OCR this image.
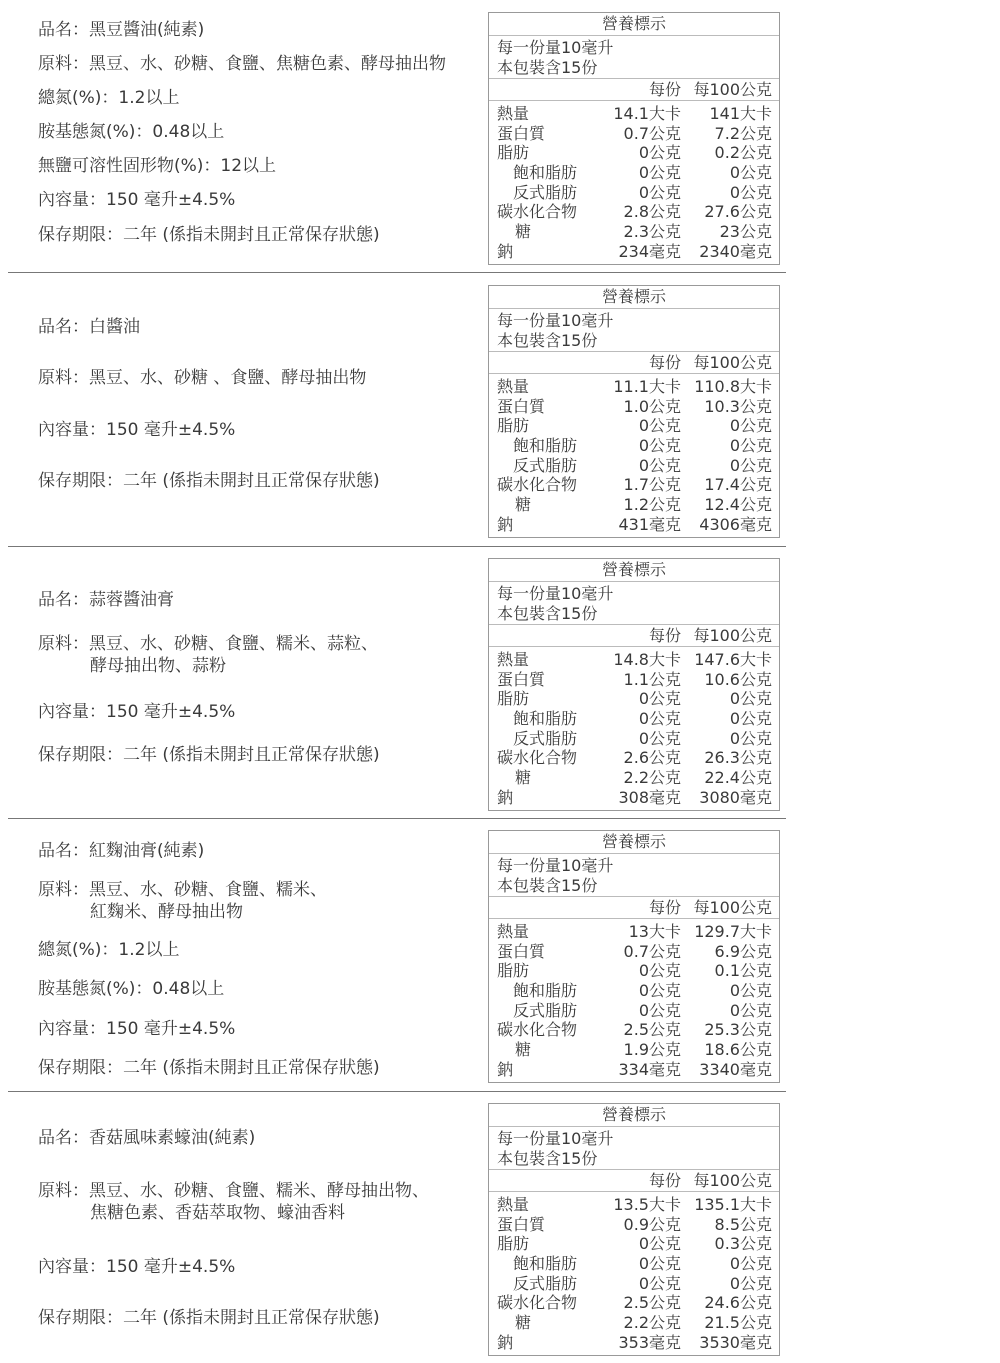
品名：黑豆醬油(純素)
原料：黑豆、水、砂糖、食鹽、焦糖色素、酵母抽出物
總氮(%)：1.2以上
胺基態氮(%)：0.48以上
無鹽可溶性固形物(%)：12以上
內容量：150 毫升±4.5%
保存期限：二年 (係指未開封且正常保存狀態)
營養標示
每一份量10毫升
本包裝含15份
每份 每100公克
熱量	14.1大卡 141大卡
蛋白質	0.7公克 7.2公克
脂肪	0公克 0.2公克
飽和脂肪	0公克	0公克
反式脂肪	0公克	0公克
碳水化合物	2.8公克 27.6公克
糖	2.3公克 23公克
鈉	234毫克 2340毫克
品名：白醬油
原料：黑豆、水、砂糖 、食鹽、酵母抽出物
內容量：150 毫升±4.5%
保存期限：二年 (係指未開封且正常保存狀態)
營養標示
每一份量10毫升
本包裝含15份
每份 每100公克
熱量	11.1大卡 110.8大卡
蛋白質	1.0公克 10.3公克
脂肪	0公克	0公克
飽和脂肪	0公克	0公克
反式脂肪	0公克	0公克
碳水化合物	1.7公克 17.4公克
糖	1.2公克 12.4公克
鈉	431毫克 4306毫克
品名：蒜蓉醬油膏
原料：黑豆、水、砂糖、食鹽、糯米、蒜粒、
酵母抽出物、蒜粉
內容量：150 毫升±4.5%
保存期限：二年 (係指未開封且正常保存狀態)
營養標示
每一份量10毫升
本包裝含15份
每份 每100公克
熱量	14.8大卡 147.6大卡
蛋白質	1.1公克 10.6公克
脂肪	0公克	0公克
飽和脂肪	0公克	0公克
反式脂肪	0公克	0公克
碳水化合物	2.6公克 26.3公克
糖	2.2公克 22.4公克
鈉	308毫克 3080毫克
品名：紅麴油膏(純素)
原料：黑豆、水、砂糖、食鹽、糯米、
紅麴米、酵母抽出物
總氮(%)：1.2以上
胺基態氮(%)：0.48以上
內容量：150 毫升±4.5%
保存期限：二年 (係指未開封且正常保存狀態)
營養標示
每一份量10毫升
本包裝含15份
每份 每100公克
熱量	13大卡 129.7大卡
蛋白質	0.7公克 6.9公克
脂肪	0公克 0.1公克
飽和脂肪	0公克	0公克
反式脂肪	0公克	0公克
碳水化合物	2.5公克 25.3公克
糖	1.9公克 18.6公克
鈉	334毫克 3340毫克
品名：香菇風味素蠔油(純素)
原料：黑豆、水、砂糖、食鹽、糯米、酵母抽出物、
焦糖色素、香菇萃取物、蠔油香料
內容量：150 毫升±4.5%
保存期限：二年 (係指未開封且正常保存狀態)
營養標示
每一份量10毫升
本包裝含15份
每份 每100公克
熱量	13.5大卡 135.1大卡
蛋白質	0.9公克 8.5公克
脂肪	0公克 0.3公克
飽和脂肪	0公克	0公克
反式脂肪	0公克	0公克
碳水化合物	2.5公克 24.6公克
糖	2.2公克 21.5公克
鈉	353毫克 3530毫克
